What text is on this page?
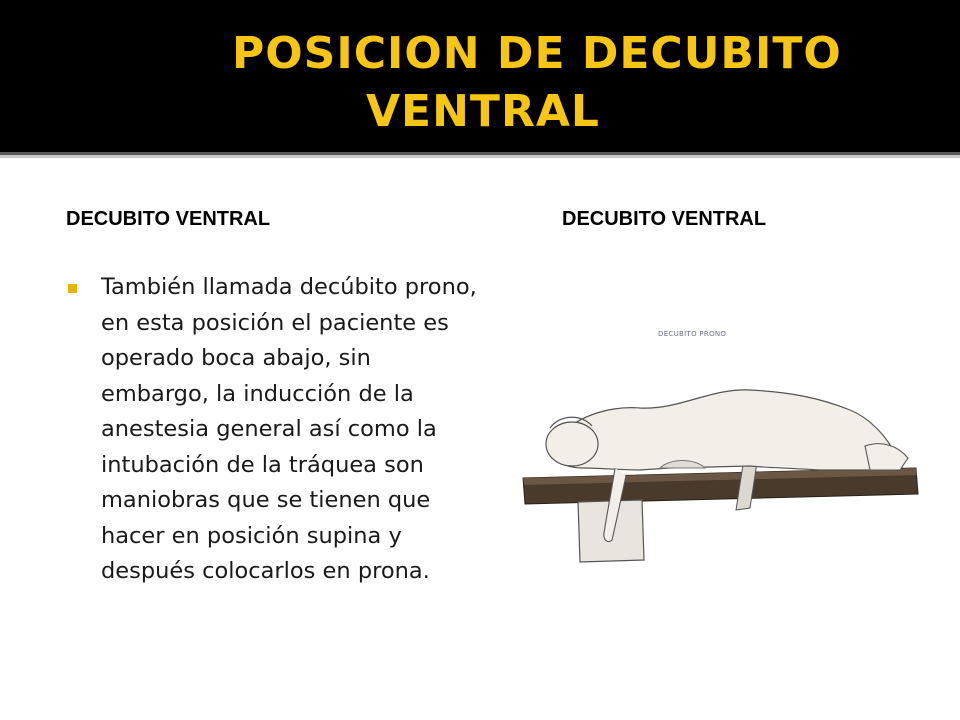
POSICION DE DECUBITO
VENTRAL
DECUBITO VENTRAL	DECUBITO VENTRAL
También llamada decúbito prono, en esta posición el paciente es operado boca abajo, sin embargo, la inducción de la anestesia general así como la intubación de la tráquea son maniobras que se tienen que hacer en posición supina y después colocarlos en prona.
DECUBITO PRONO
